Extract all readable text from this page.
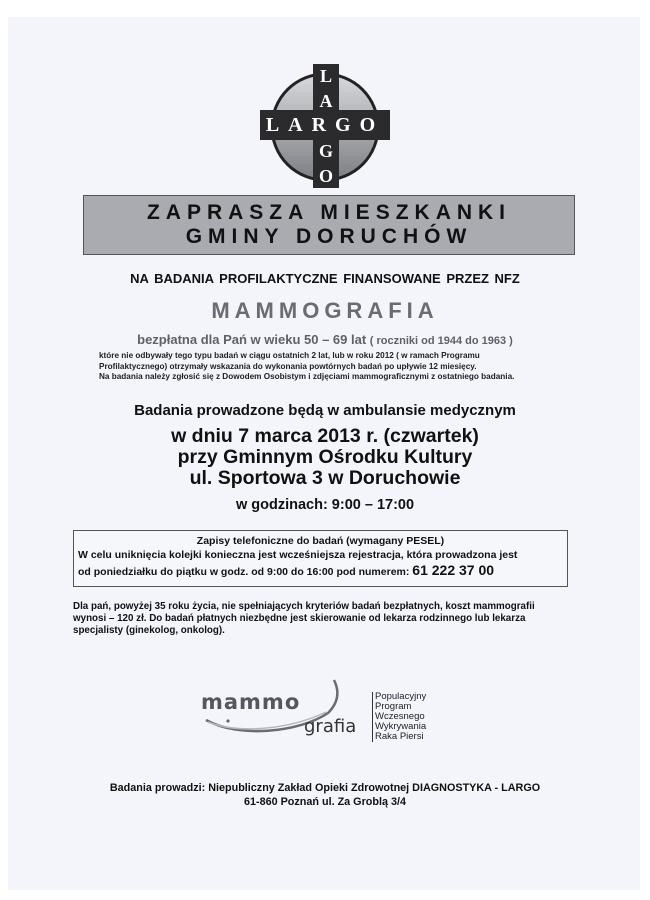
LARGO
L
A
G
O
ZAPRASZA MIESZKANKI
GMINY DORUCHÓW
NA BADANIA PROFILAKTYCZNE FINANSOWANE PRZEZ NFZ
MAMMOGRAFIA
bezpłatna dla Pań w wieku 50 – 69 lat ( roczniki od 1944 do 1963 )
które nie odbywały tego typu badań w ciągu ostatnich 2 lat, lub w roku 2012 ( w ramach Programu
Profilaktycznego) otrzymały wskazania do wykonania powtórnych badań po upływie 12 miesięcy.
Na badania należy zgłosić się z Dowodem Osobistym i zdjęciami mammograficznymi z ostatniego badania.
Badania prowadzone będą w ambulansie medycznym
w dniu 7 marca 2013 r. (czwartek)
przy Gminnym Ośrodku Kultury
ul. Sportowa 3 w Doruchowie
w godzinach: 9:00 – 17:00
Zapisy telefoniczne do badań (wymagany PESEL)
W celu uniknięcia kolejki konieczna jest wcześniejsza rejestracja, która prowadzona jest
od poniedziałku do piątku w godz. od 9:00 do 16:00 pod numerem: 61 222 37 00
Dla pań, powyżej 35 roku życia, nie spełniających kryteriów badań bezpłatnych, koszt mammografii
wynosi – 120 zł. Do badań płatnych niezbędne jest skierowanie od lekarza rodzinnego lub lekarza
specjalisty (ginekolog, onkolog).
mammo
grafia
Populacyjny
Program
Wczesnego
Wykrywania
Raka Piersi
Badania prowadzi: Niepubliczny Zakład Opieki Zdrowotnej DIAGNOSTYKA - LARGO
61-860 Poznań ul. Za Groblą 3/4
